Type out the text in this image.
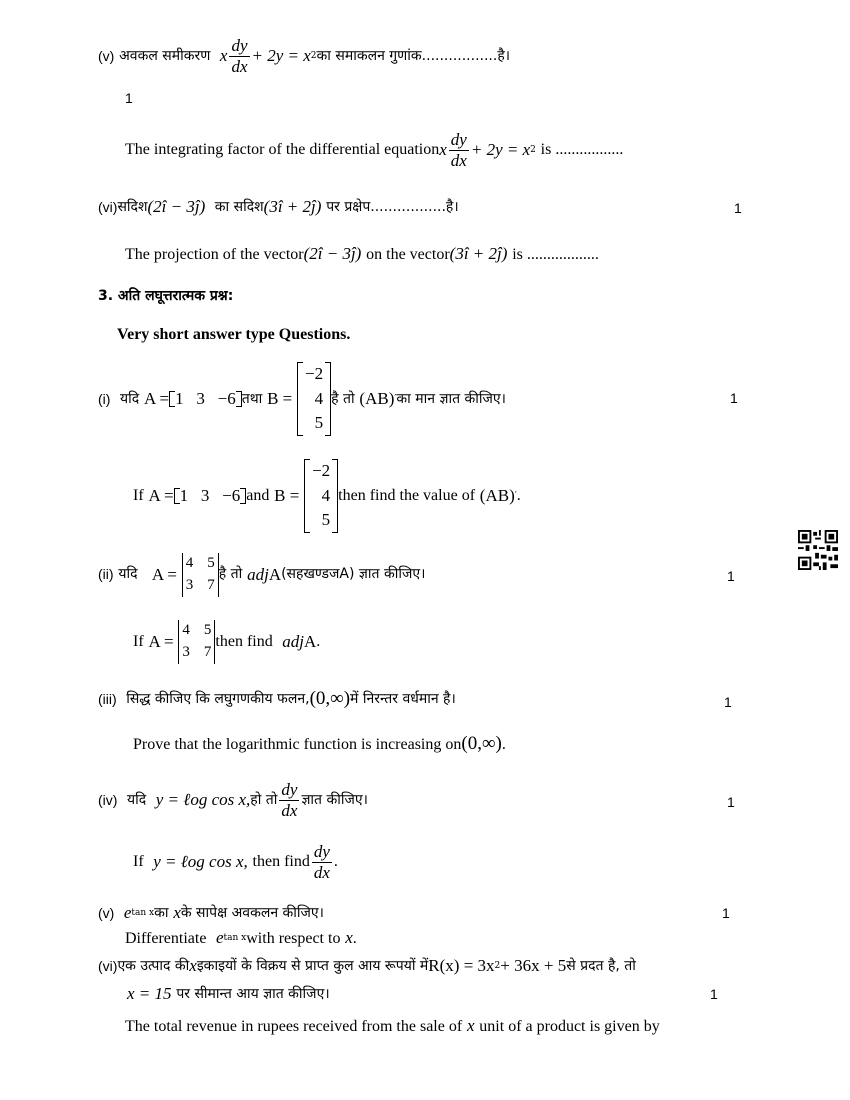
(v)
अवकल समीकरण
x $\frac{dy}{dx} + 2y = x$ 2 का समाकलन गुणांक.................है।
1
The integrating factor of the differential equation x $\frac{dy}{dx} + 2y = x$ 2
is .................
(vi) सदिश (2î − 3ĵ)
का सदिश (3î + 2ĵ)
पर प्रक्षेप.................है।	1
The projection of the vector (2î − 3ĵ)
on the vector (3î + 2ĵ)
is ..................
3. अति लघूत्तरात्मक प्रश्न:
Very short answer type Questions.
(i)
यदि
A = 1 3 −6 तथा
B =

−2
4
5
है तो
(AB) ′ का मान ज्ञात कीजिए।	1
If
A = 1 3 −6 and
B =

−2
4
5
then find the value of
(AB) ′ .
(ii)
यदि
A =

4 5
3 7
है तो
adj A (सहखण्डजA) ज्ञात कीजिए।	1
If
A =

4 5
3 7
then find
adj A .
(iii)
सिद्ध कीजिए कि लघुगणकीय फलन, (0,∞) में निरन्तर वर्धमान है।	1
Prove that the logarithmic function is increasing on (0,∞) .
(iv)
यदि
y = ℓog cos x, हो तो $\frac{dy}{dx}$ ज्ञात कीजिए।	1
If
y = ℓog cos x,
then find $\frac{dy}{dx}$ .
(v)
e tan x का
x के सापेक्ष अवकलन कीजिए।	1
Differentiate
e tan x with respect to
x .
(vi) एक उत्पाद की x इकाइयों के विक्रय से प्राप्त कुल आय रूपयों में R(x) = 3x 2 + 36x + 5 से प्रदत है, तो
x = 15
पर सीमान्त आय ज्ञात कीजिए।	1
The total revenue in rupees received from the sale of
x
unit of a product is given by
